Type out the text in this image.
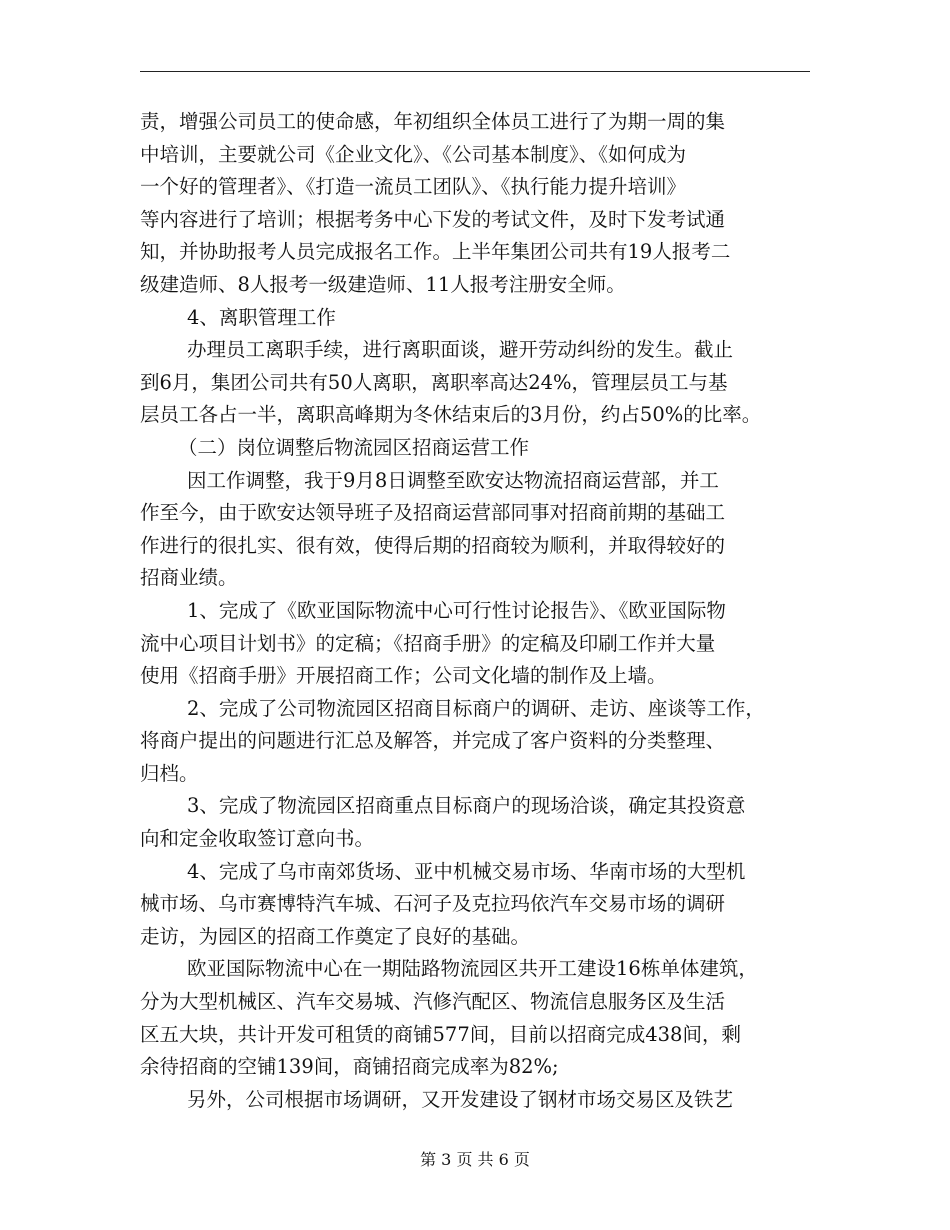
责，增强公司员工的使命感，年初组织全体员工进行了为期一周的集
中培训，主要就公司《企业文化》、《公司基本制度》、《如何成为
一个好的管理者》、《打造一流员工团队》、《执行能力提升培训》
等内容进行了培训；根据考务中心下发的考试文件，及时下发考试通
知，并协助报考人员完成报名工作。上半年集团公司共有19人报考二
级建造师、8人报考一级建造师、11人报考注册安全师。
4、离职管理工作
办理员工离职手续，进行离职面谈，避开劳动纠纷的发生。截止
到6月，集团公司共有50人离职，离职率高达24%，管理层员工与基
层员工各占一半，离职高峰期为冬休结束后的3月份，约占50%的比率。
（二）岗位调整后物流园区招商运营工作
因工作调整，我于9月8日调整至欧安达物流招商运营部，并工
作至今，由于欧安达领导班子及招商运营部同事对招商前期的基础工
作进行的很扎实、很有效，使得后期的招商较为顺利，并取得较好的
招商业绩。
1、完成了《欧亚国际物流中心可行性讨论报告》、《欧亚国际物
流中心项目计划书》的定稿；《招商手册》的定稿及印刷工作并大量
使用《招商手册》开展招商工作；公司文化墙的制作及上墙。
2、完成了公司物流园区招商目标商户的调研、走访、座谈等工作，
将商户提出的问题进行汇总及解答，并完成了客户资料的分类整理、
归档。
3、完成了物流园区招商重点目标商户的现场洽谈，确定其投资意
向和定金收取签订意向书。
4、完成了乌市南郊货场、亚中机械交易市场、华南市场的大型机
械市场、乌市赛博特汽车城、石河子及克拉玛依汽车交易市场的调研
走访，为园区的招商工作奠定了良好的基础。
欧亚国际物流中心在一期陆路物流园区共开工建设16栋单体建筑，
分为大型机械区、汽车交易城、汽修汽配区、物流信息服务区及生活
区五大块，共计开发可租赁的商铺577间，目前以招商完成438间，剩
余待招商的空铺139间，商铺招商完成率为82%;
另外，公司根据市场调研，又开发建设了钢材市场交易区及铁艺
第 3 页 共 6 页
